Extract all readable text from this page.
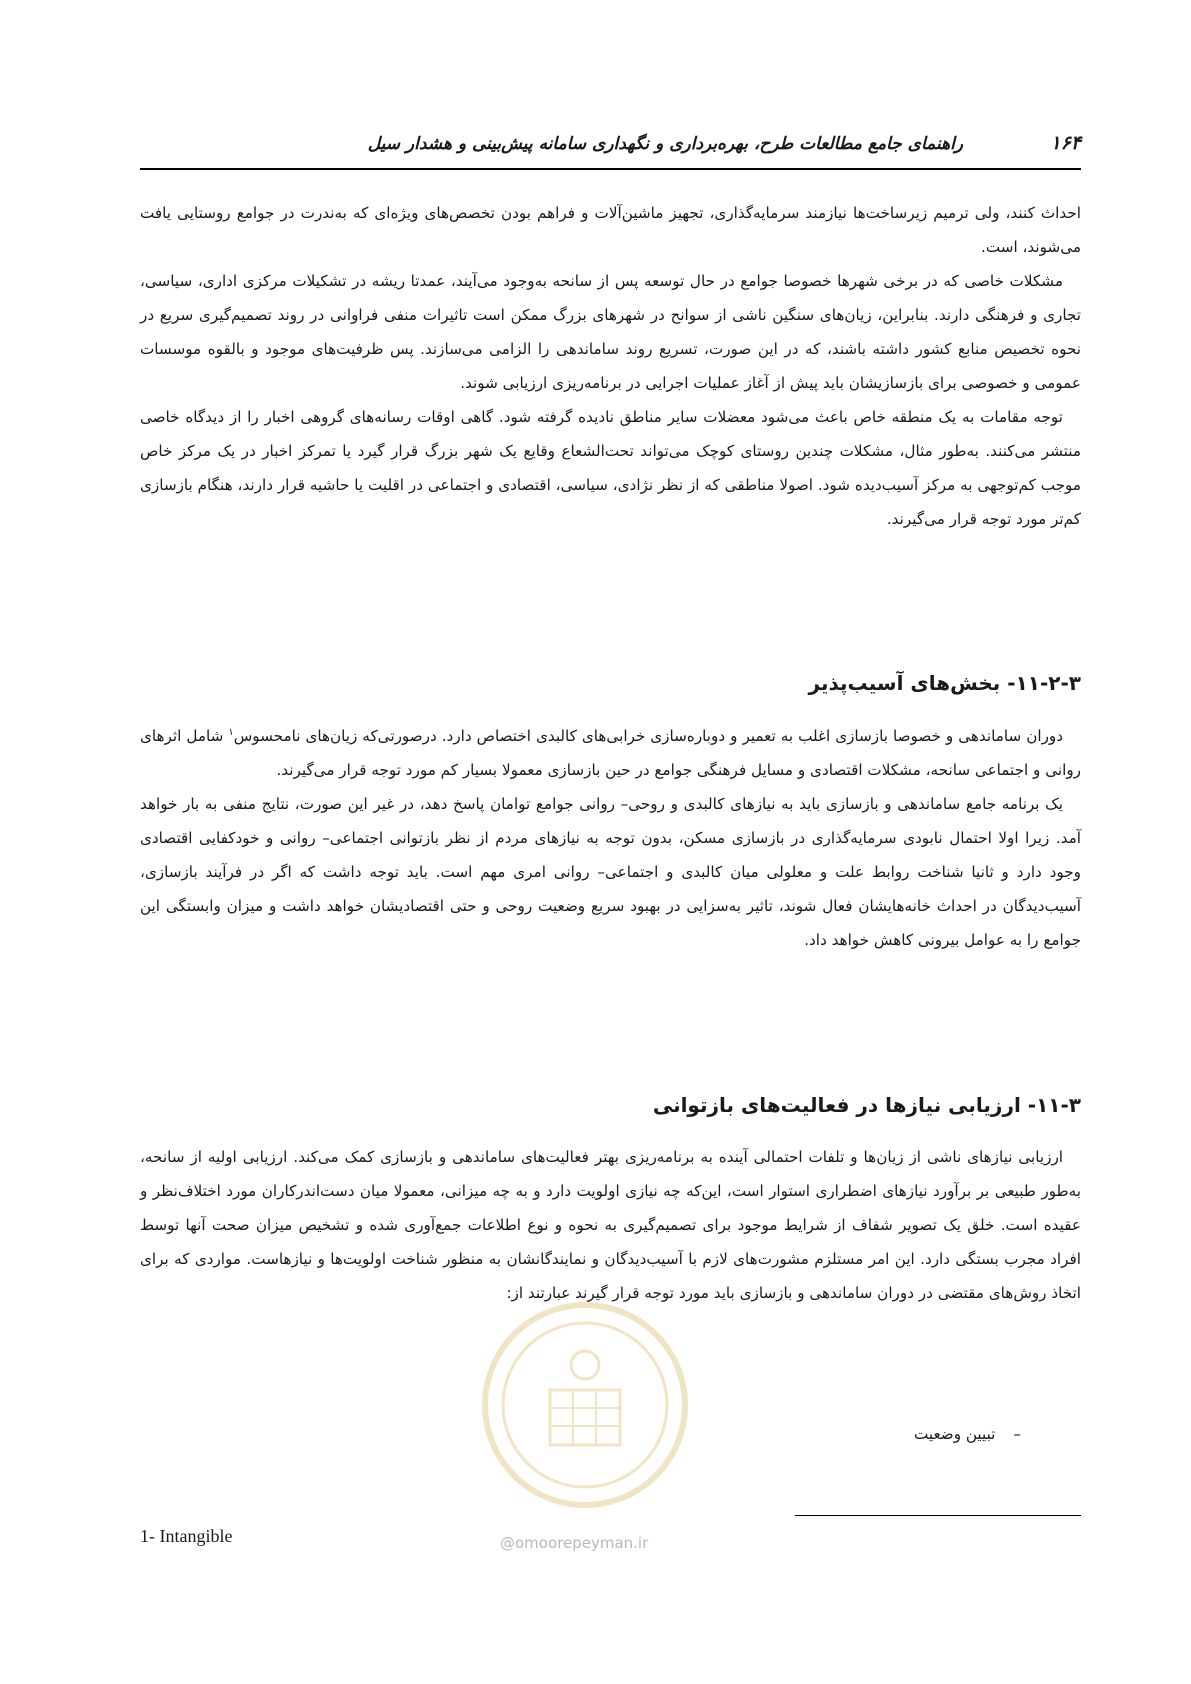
راهنمای جامع مطالعات طرح، بهره‌برداری و نگهداری سامانه پیش‌بینی و هشدار سیل	۱۶۴

احداث کنند، ولی ترمیم زیرساخت‌ها نیازمند سرمایه‌گذاری، تجهیز ماشین‌آلات و فراهم بودن تخصص‌های ویژه‌ای که به‌ندرت در جوامع روستایی یافت می‌شوند، است.

مشکلات خاصی که در برخی شهرها خصوصا جوامع در حال توسعه پس از سانحه به‌وجود می‌آیند، عمدتا ریشه در تشکیلات مرکزی اداری، سیاسی، تجاری و فرهنگی دارند. بنابراین، زیان‌های سنگین ناشی از سوانح در شهرهای بزرگ ممکن است تاثیرات منفی فراوانی در روند تصمیم‌گیری سریع در نحوه تخصیص منابع کشور داشته باشند، که در این صورت، تسریع روند ساماندهی را الزامی می‌سازند. پس ظرفیت‌های موجود و بالقوه موسسات عمومی و خصوصی برای بازسازیشان باید پیش از آغاز عملیات اجرایی در برنامه‌ریزی ارزیابی شوند.

توجه مقامات به یک منطقه خاص باعث می‌شود معضلات سایر مناطق نادیده گرفته شود. گاهی اوقات رسانه‌های گروهی اخبار را از دیدگاه خاصی منتشر می‌کنند. به‌طور مثال، مشکلات چندین روستای کوچک می‌تواند تحت‌الشعاع وقایع یک شهر بزرگ قرار گیرد یا تمرکز اخبار در یک مرکز خاص موجب کم‌توجهی به مرکز آسیب‌دیده شود. اصولا مناطقی که از نظر نژادی، سیاسی، اقتصادی و اجتماعی در اقلیت یا حاشیه قرار دارند، هنگام بازسازی کم‌تر مورد توجه قرار می‌گیرند.

۱۱-۲-۳- بخش‌های آسیب‌پذیر

دوران ساماندهی و خصوصا بازسازی اغلب به تعمیر و دوباره‌سازی خرابی‌های کالبدی اختصاص دارد. درصورتی‌که زیان‌های نامحسوس$^۱$ شامل اثرهای روانی و اجتماعی سانحه، مشکلات اقتصادی و مسایل فرهنگی جوامع در حین بازسازی معمولا بسیار کم مورد توجه قرار می‌گیرند.

یک برنامه جامع ساماندهی و بازسازی باید به نیازهای کالبدی و روحی– روانی جوامع توامان پاسخ دهد، در غیر این صورت، نتایج منفی به بار خواهد آمد. زیرا اولا احتمال نابودی سرمایه‌گذاری در بازسازی مسکن، بدون توجه به نیازهای مردم از نظر بازتوانی اجتماعی– روانی و خودکفایی اقتصادی وجود دارد و ثانیا شناخت روابط علت و معلولی میان کالبدی و اجتماعی– روانی امری مهم است. باید توجه داشت که اگر در فرآیند بازسازی، آسیب‌دیدگان در احداث خانه‌هایشان فعال شوند، تاثیر به‌سزایی در بهبود سریع وضعیت روحی و حتی اقتصادیشان خواهد داشت و میزان وابستگی این جوامع را به عوامل بیرونی کاهش خواهد داد.

۱۱-۳- ارزیابی نیازها در فعالیت‌های بازتوانی

ارزیابی نیازهای ناشی از زیان‌ها و تلفات احتمالی آینده به برنامه‌ریزی بهتر فعالیت‌های ساماندهی و بازسازی کمک می‌کند. ارزیابی اولیه از سانحه، به‌طور طبیعی بر برآورد نیازهای اضطراری استوار است، این‌که چه نیازی اولویت دارد و به چه میزانی، معمولا میان دست‌اندرکاران مورد اختلاف‌نظر و عقیده است. خلق یک تصویر شفاف از شرایط موجود برای تصمیم‌گیری به نحوه و نوع اطلاعات جمع‌آوری شده و تشخیص میزان صحت آنها توسط افراد مجرب بستگی دارد. این امر مستلزم مشورت‌های لازم با آسیب‌دیدگان و نمایندگانشان به منظور شناخت اولویت‌ها و نیازهاست. مواردی که برای اتخاذ روش‌های مقتضی در دوران ساماندهی و بازسازی باید مورد توجه قرار گیرند عبارتند از:

–تبیین وضعیت
1- Intangible	@omoorepeyman.ir
